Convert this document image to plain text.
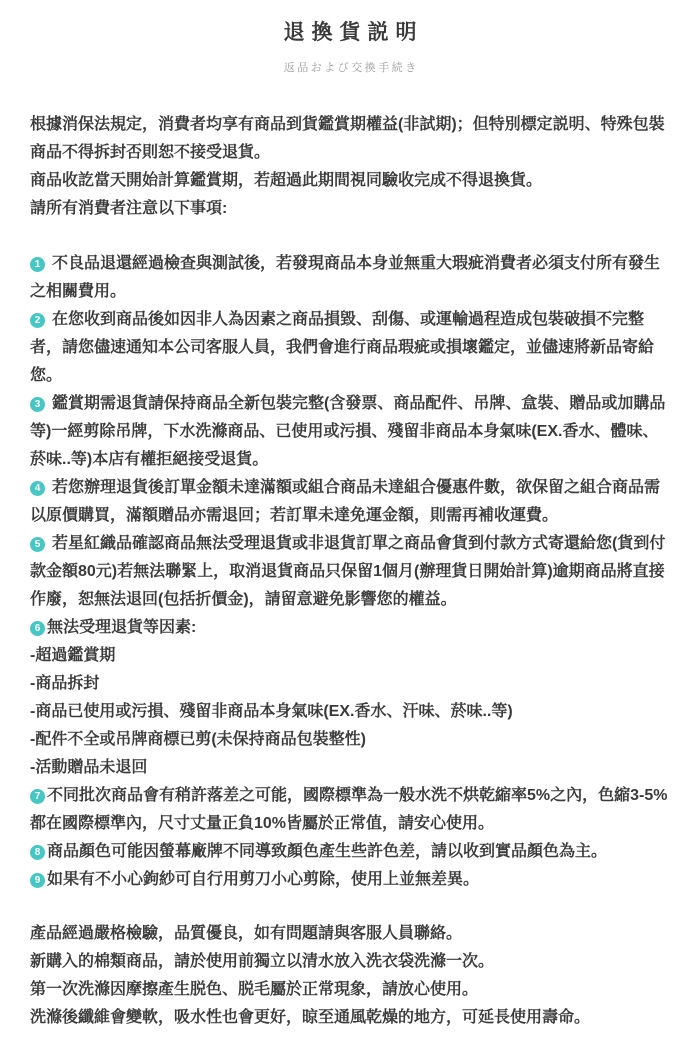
退換貨説明

返品および交換手続き

根據消保法規定，消費者均享有商品到貨鑑賞期權益(非試期)；但特別標定説明、特殊包裝商品不得拆封否則恕不接受退貨。

商品收訖當天開始計算鑑賞期，若超過此期間視同驗收完成不得退換貨。

請所有消費者注意以下事項:

1 不良品退還經過檢查與測試後，若發現商品本身並無重大瑕疵消費者必須支付所有發生之相關費用。

2 在您收到商品後如因非人為因素之商品損毀、刮傷、或運輸過程造成包裝破損不完整者，請您儘速通知本公司客服人員，我們會進行商品瑕疵或損壞鑑定，並儘速將新品寄給您。

3 鑑賞期需退貨請保持商品全新包裝完整(含發票、商品配件、吊牌、盒裝、贈品或加購品等)一經剪除吊牌，下水洗滌商品、已使用或污損、殘留非商品本身氣味(EX.香水、體味、菸味..等)本店有權拒絕接受退貨。

4 若您辦理退貨後訂單金額未達滿額或組合商品未達組合優惠件數，欲保留之組合商品需以原價購買，滿額贈品亦需退回；若訂單未達免運金額，則需再補收運費。

5 若星紅織品確認商品無法受理退貨或非退貨訂單之商品會貨到付款方式寄還給您(貨到付款金額80元)若無法聯緊上，取消退貨商品只保留1個月(辦理貨日開始計算)逾期商品將直接作廢，恕無法退回(包括折價金)，請留意避免影響您的權益。

6 無法受理退貨等因素:

-超過鑑賞期

-商品拆封

-商品已使用或污損、殘留非商品本身氣味(EX.香水、汗味、菸味..等)

-配件不全或吊牌商標已剪(未保持商品包裝整性)

-活動贈品未退回

7 不同批次商品會有稍許落差之可能，國際標準為一般水洗不烘乾縮率5%之內，色縮3-5%都在國際標準內，尺寸丈量正負10%皆屬於正常值，請安心使用。

8 商品顏色可能因螢幕廠牌不同導致顏色產生些許色差，請以收到實品顏色為主。

9 如果有不小心鉤紗可自行用剪刀小心剪除，使用上並無差異。

產品經過嚴格檢驗，品質優良，如有問題請與客服人員聯絡。

新購入的棉類商品，請於使用前獨立以清水放入洗衣袋洗滌一次。

第一次洗滌因摩擦產生脱色、脱毛屬於正常現象，請放心使用。

洗滌後纖維會變軟，吸水性也會更好，晾至通風乾燥的地方，可延長使用壽命。
